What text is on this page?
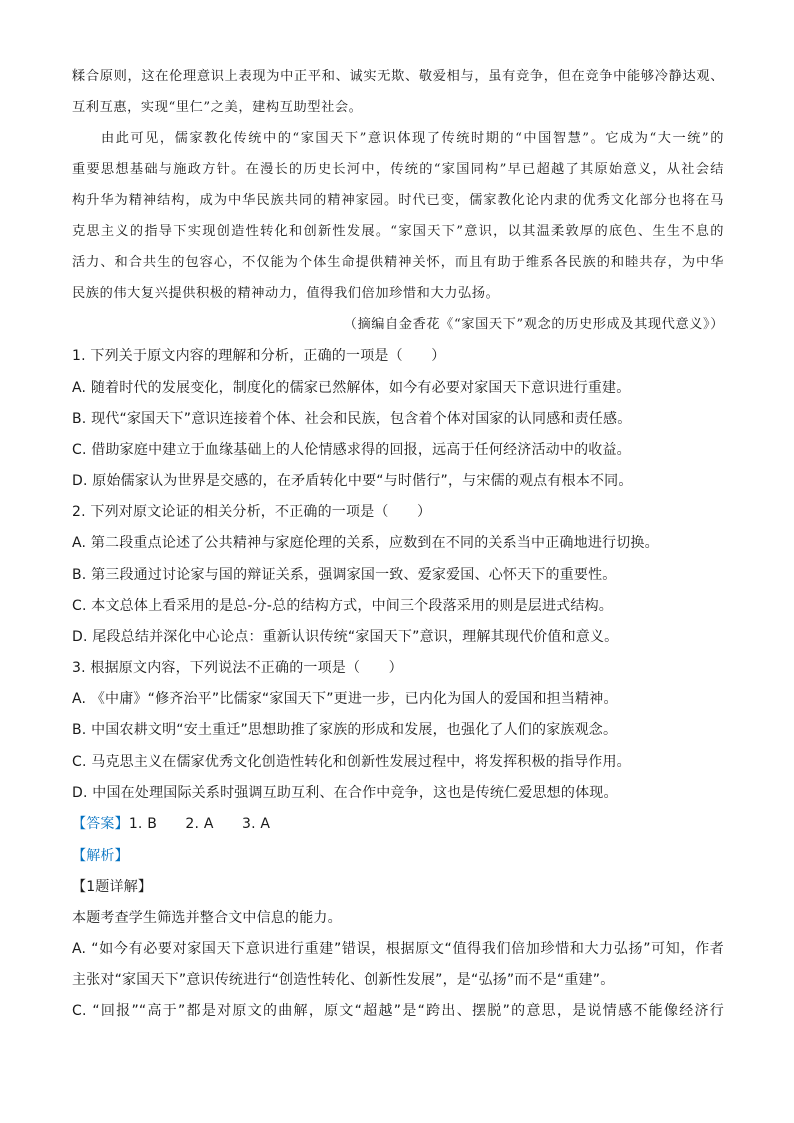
糅合原则，这在伦理意识上表现为中正平和、诚实无欺、敬爱相与，虽有竞争，但在竞争中能够冷静达观、
互利互惠，实现“里仁”之美，建构互助型社会。
由此可见，儒家教化传统中的“家国天下”意识体现了传统时期的“中国智慧”。它成为“大一统”的
重要思想基础与施政方针。在漫长的历史长河中，传统的“家国同构”早已超越了其原始意义，从社会结
构升华为精神结构，成为中华民族共同的精神家园。时代已变，儒家教化论内隶的优秀文化部分也将在马
克思主义的指导下实现创造性转化和创新性发展。“家国天下”意识，以其温柔敦厚的底色、生生不息的
活力、和合共生的包容心，不仅能为个体生命提供精神关怀，而且有助于维系各民族的和睦共存，为中华
民族的伟大复兴提供积极的精神动力，值得我们倍加珍惜和大力弘扬。
（摘编自金香花《“家国天下”观念的历史形成及其现代意义》）
1. 下列关于原文内容的理解和分析，正确的一项是（　　）
A. 随着时代的发展变化，制度化的儒家已然解体，如今有必要对家国天下意识进行重建。
B. 现代“家国天下”意识连接着个体、社会和民族，包含着个体对国家的认同感和责任感。
C. 借助家庭中建立于血缘基础上的人伦情感求得的回报，远高于任何经济活动中的收益。
D. 原始儒家认为世界是交感的，在矛盾转化中要“与时偕行”，与宋儒的观点有根本不同。
2. 下列对原文论证的相关分析，不正确的一项是（　　）
A. 第二段重点论述了公共精神与家庭伦理的关系，应数到在不同的关系当中正确地进行切换。
B. 第三段通过讨论家与国的辩证关系，强调家国一致、爱家爱国、心怀天下的重要性。
C. 本文总体上看采用的是总-分-总的结构方式，中间三个段落采用的则是层进式结构。
D. 尾段总结并深化中心论点：重新认识传统“家国天下”意识，理解其现代价值和意义。
3. 根据原文内容，下列说法不正确的一项是（　　）
A. 《中庸》“修齐治平”比儒家“家国天下”更进一步，已内化为国人的爱国和担当精神。
B. 中国农耕文明“安土重迁”思想助推了家族的形成和发展，也强化了人们的家族观念。
C. 马克思主义在儒家优秀文化创造性转化和创新性发展过程中，将发挥积极的指导作用。
D. 中国在处理国际关系时强调互助互利、在合作中竞争，这也是传统仁爱思想的体现。
【答案】1. B　　2. A　　3. A
【解析】
【1题详解】
本题考查学生筛选并整合文中信息的能力。
A. “如今有必要对家国天下意识进行重建”错误，根据原文“值得我们倍加珍惜和大力弘扬”可知，作者
主张对“家国天下”意识传统进行“创造性转化、创新性发展”，是“弘扬”而不是“重建”。
C. “回报”“高于”都是对原文的曲解，原文“超越”是“跨出、摆脱”的意思，是说情感不能像经济行
